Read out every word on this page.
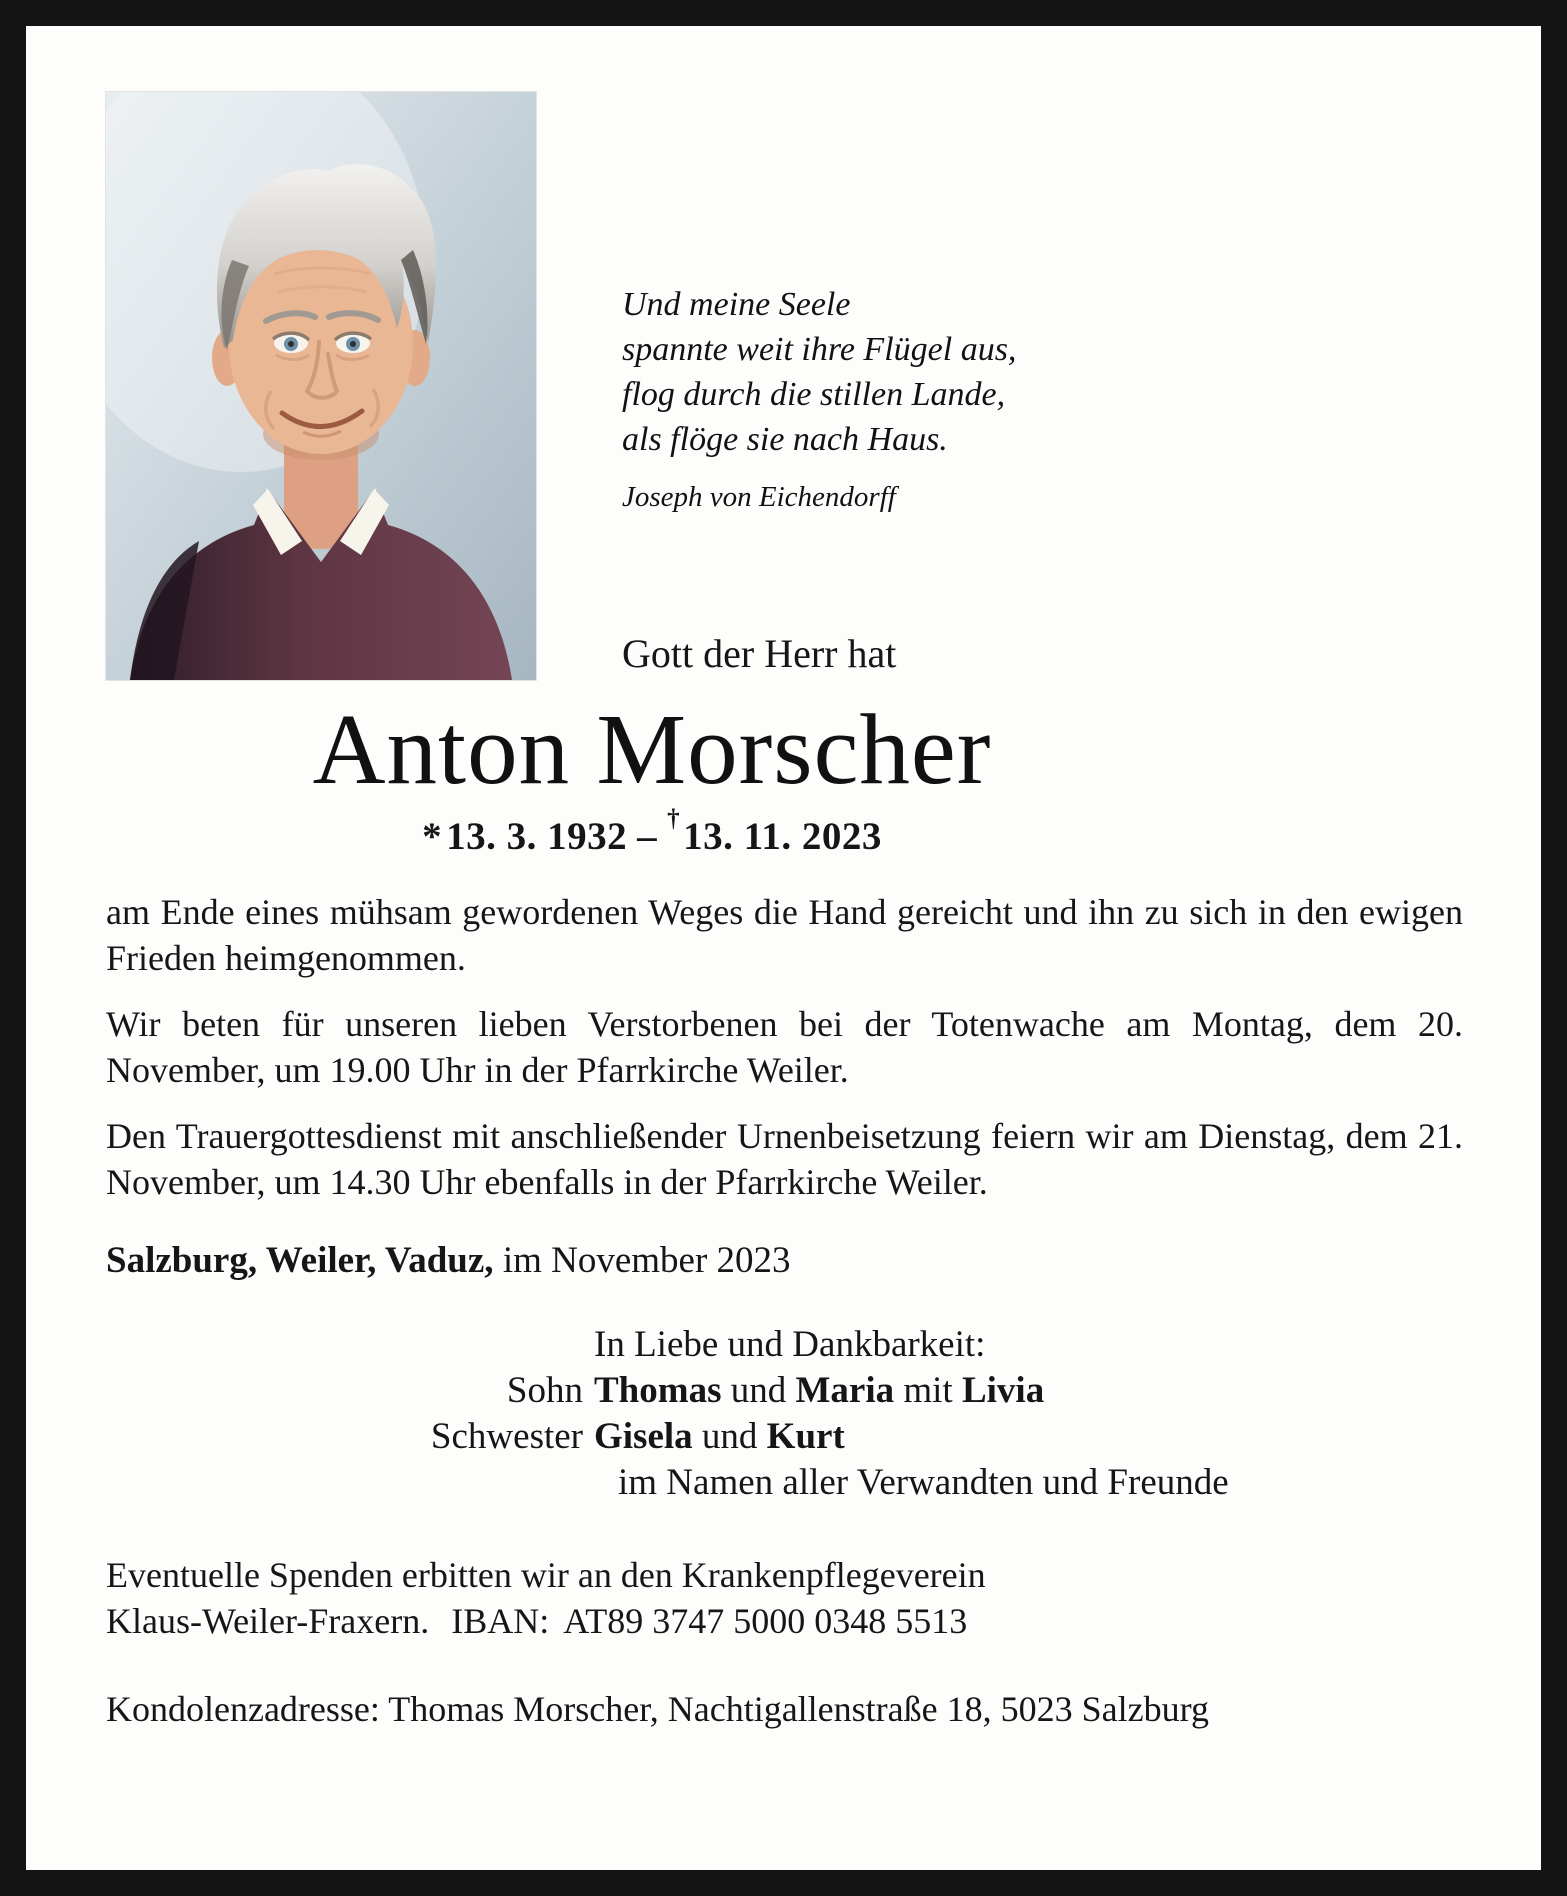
Und meine Seele
spannte weit ihre Flügel aus,
flog durch die stillen Lande,
als flöge sie nach Haus.
Joseph von Eichendorff
Gott der Herr hat
Anton Morscher
* 13. 3. 1932 – †13. 11. 2023

am Ende eines mühsam gewordenen Weges die Hand gereicht und ihn zu sich in den ewigen Frieden heimgenommen.

Wir beten für unseren lieben Verstorbenen bei der Totenwache am Montag, dem 20. November, um 19.00 Uhr in der Pfarrkirche Weiler.

Den Trauergottesdienst mit anschließender Urnenbeisetzung feiern wir am Dienstag, dem 21. November, um 14.30 Uhr ebenfalls in der Pfarrkirche Weiler.

Salzburg, Weiler, Vaduz, im November 2023
In Liebe und Dankbarkeit:
Sohn Thomas und Maria mit Livia
Schwester Gisela und Kurt
im Namen aller Verwandten und Freunde
Eventuelle Spenden erbitten wir an den Krankenpflegeverein
Klaus-Weiler-Fraxern. IBAN: AT89 3747 5000 0348 5513
Kondolenzadresse: Thomas Morscher, Nachtigallenstraße 18, 5023 Salzburg
